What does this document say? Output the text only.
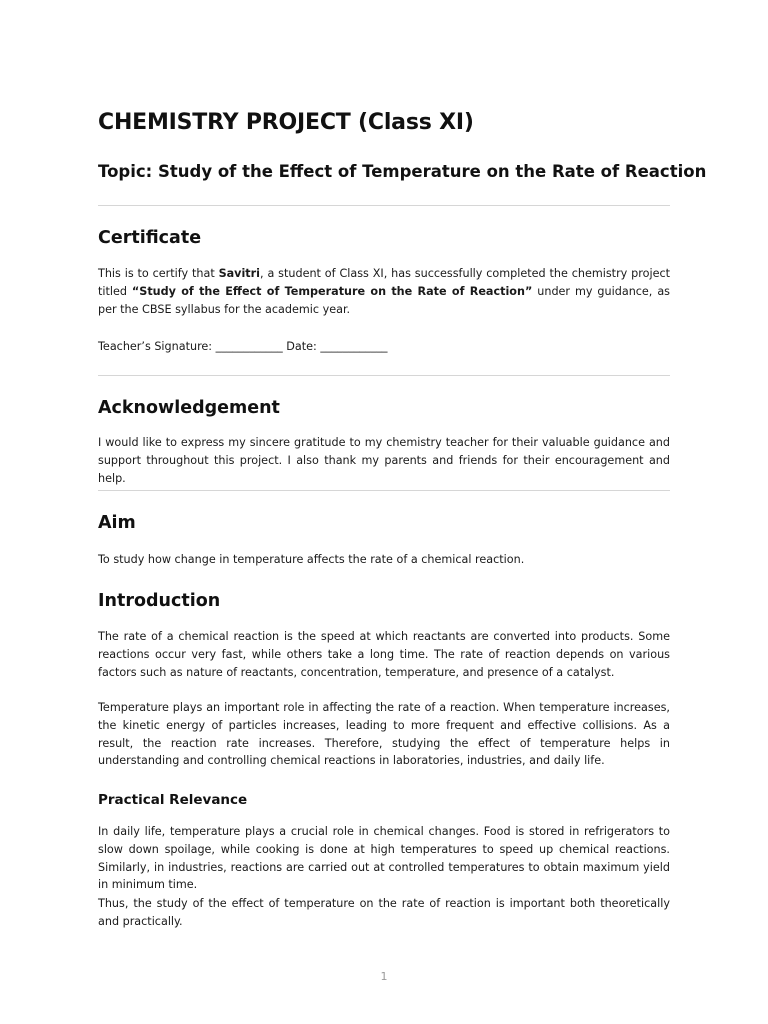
CHEMISTRY PROJECT (Class XI)
Topic: Study of the Effect of Temperature on the Rate of Reaction
Certificate

This is to certify that Savitri, a student of Class XI, has successfully completed the chemistry project titled “Study of the Effect of Temperature on the Rate of Reaction” under my guidance, as per the CBSE syllabus for the academic year.

Teacher’s Signature: ____________ Date: ____________

Acknowledgement

I would like to express my sincere gratitude to my chemistry teacher for their valuable guidance and support throughout this project. I also thank my parents and friends for their encouragement and help.

Aim

To study how change in temperature affects the rate of a chemical reaction.

Introduction

The rate of a chemical reaction is the speed at which reactants are converted into products. Some reactions occur very fast, while others take a long time. The rate of reaction depends on various factors such as nature of reactants, concentration, temperature, and presence of a catalyst.

Temperature plays an important role in affecting the rate of a reaction. When temperature increases, the kinetic energy of particles increases, leading to more frequent and effective collisions. As a result, the reaction rate increases. Therefore, studying the effect of temperature helps in understanding and controlling chemical reactions in laboratories, industries, and daily life.

Practical Relevance

In daily life, temperature plays a crucial role in chemical changes. Food is stored in refrigerators to slow down spoilage, while cooking is done at high temperatures to speed up chemical reactions. Similarly, in industries, reactions are carried out at controlled temperatures to obtain maximum yield in minimum time.

Thus, the study of the effect of temperature on the rate of reaction is important both theoretically and practically.

1
